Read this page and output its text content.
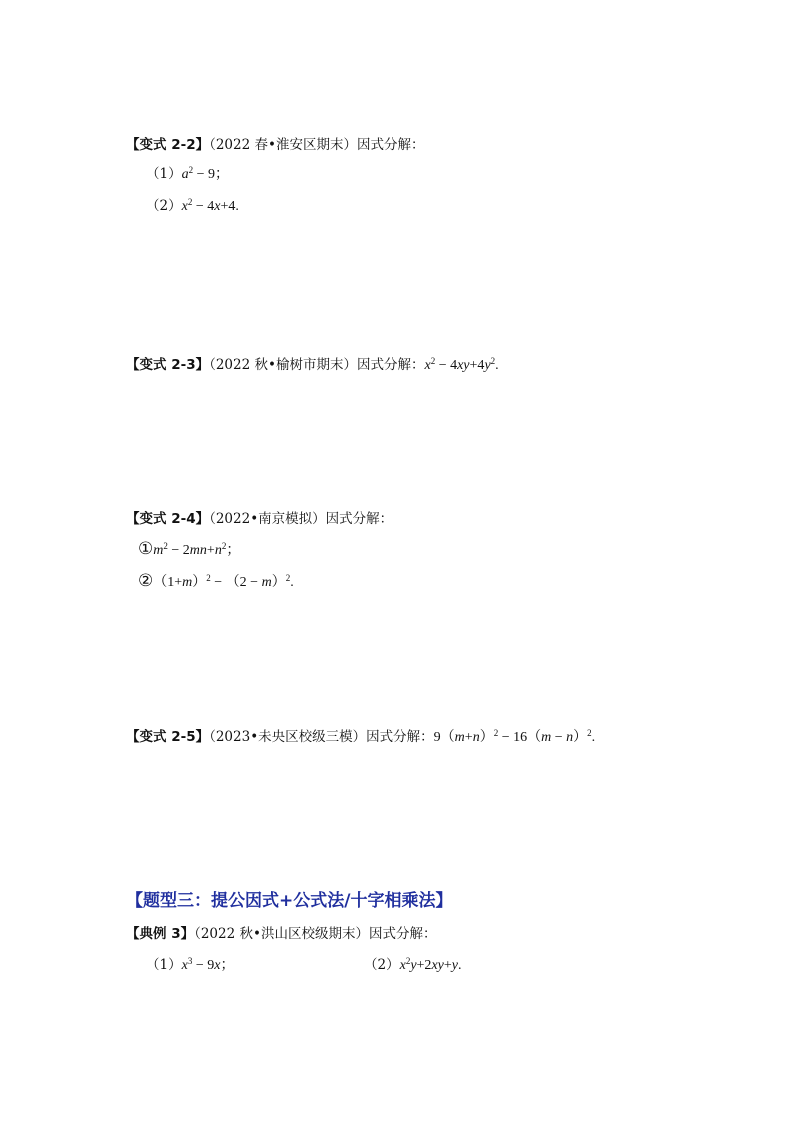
【变式 2-2】（2022 春•淮安区期末）因式分解：
$(1)a^2 - 9$；
$(2)x^2 - 4x+4$.
【变式 2-3】（2022 秋•榆树市期末）因式分解：$x^2 - 4xy+4y^2$.
【变式 2-4】（2022•南京模拟）因式分解：
$①m^2 - 2mn+n^2$；
$②(1+m)^2 - (2 - m)^2$.
【变式 2-5】（2023•未央区校级三模）因式分解：$9(m+n)^2 - 16(m - n)^2$.
【题型三：提公因式+公式法/十字相乘法】
【典例 3】（2022 秋•洪山区校级期末）因式分解：
$(1)x^3 - 9x$；	$(2)x^2y+2xy+y$.
